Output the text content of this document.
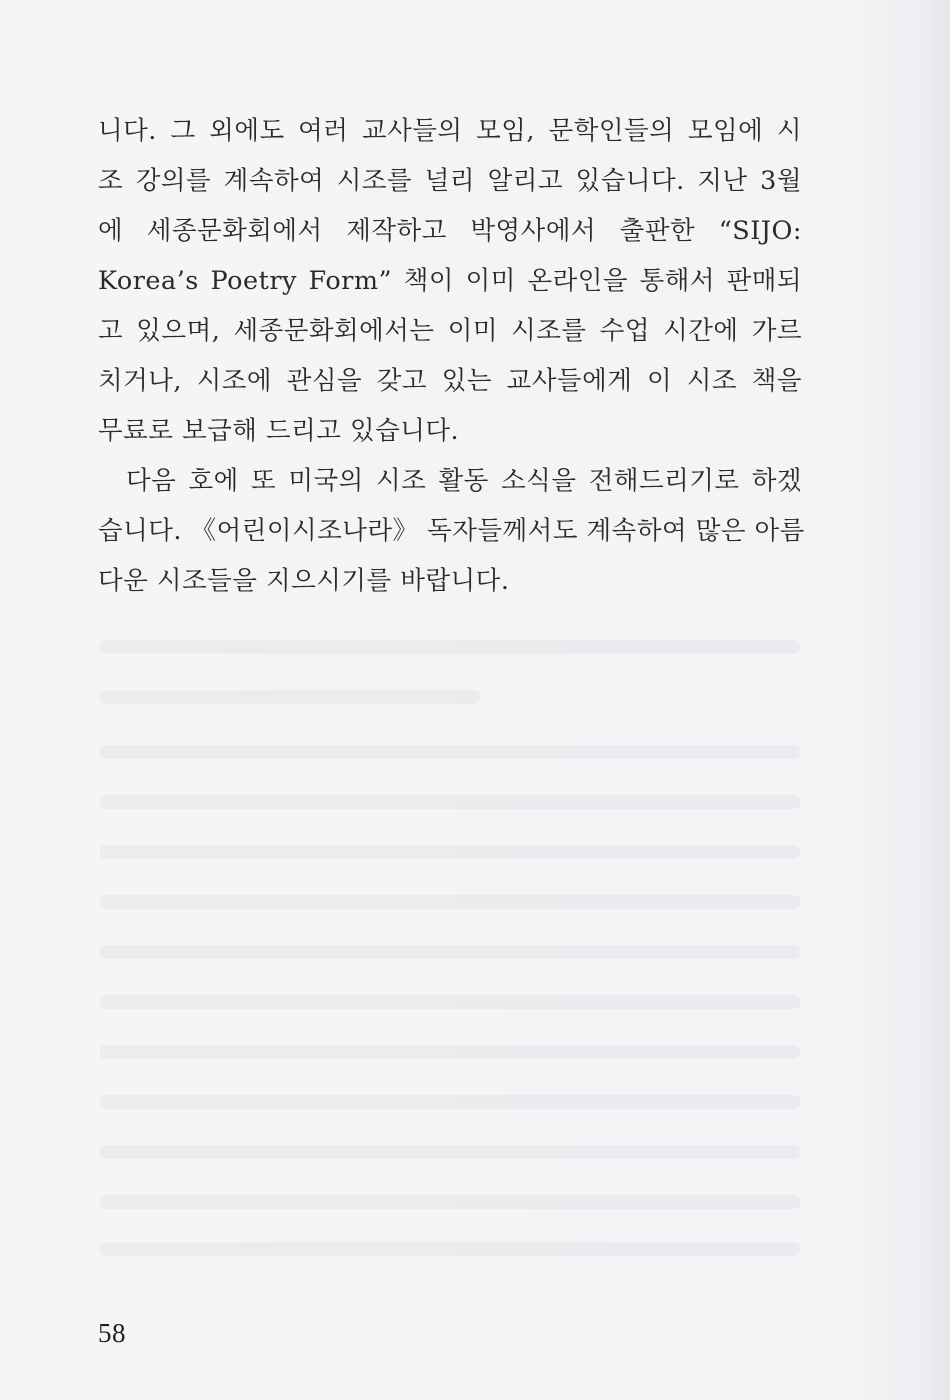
니다. 그 외에도 여러 교사들의 모임, 문학인들의 모임에 시
조 강의를 계속하여 시조를 널리 알리고 있습니다. 지난 3월
에 세종문화회에서 제작하고 박영사에서 출판한 “SIJO:
Korea’s Poetry Form” 책이 이미 온라인을 통해서 판매되
고 있으며, 세종문화회에서는 이미 시조를 수업 시간에 가르
치거나, 시조에 관심을 갖고 있는 교사들에게 이 시조 책을
무료로 보급해 드리고 있습니다.
다음 호에 또 미국의 시조 활동 소식을 전해드리기로 하겠
습니다. 《어린이시조나라》 독자들께서도 계속하여 많은 아름
다운 시조들을 지으시기를 바랍니다.
58
